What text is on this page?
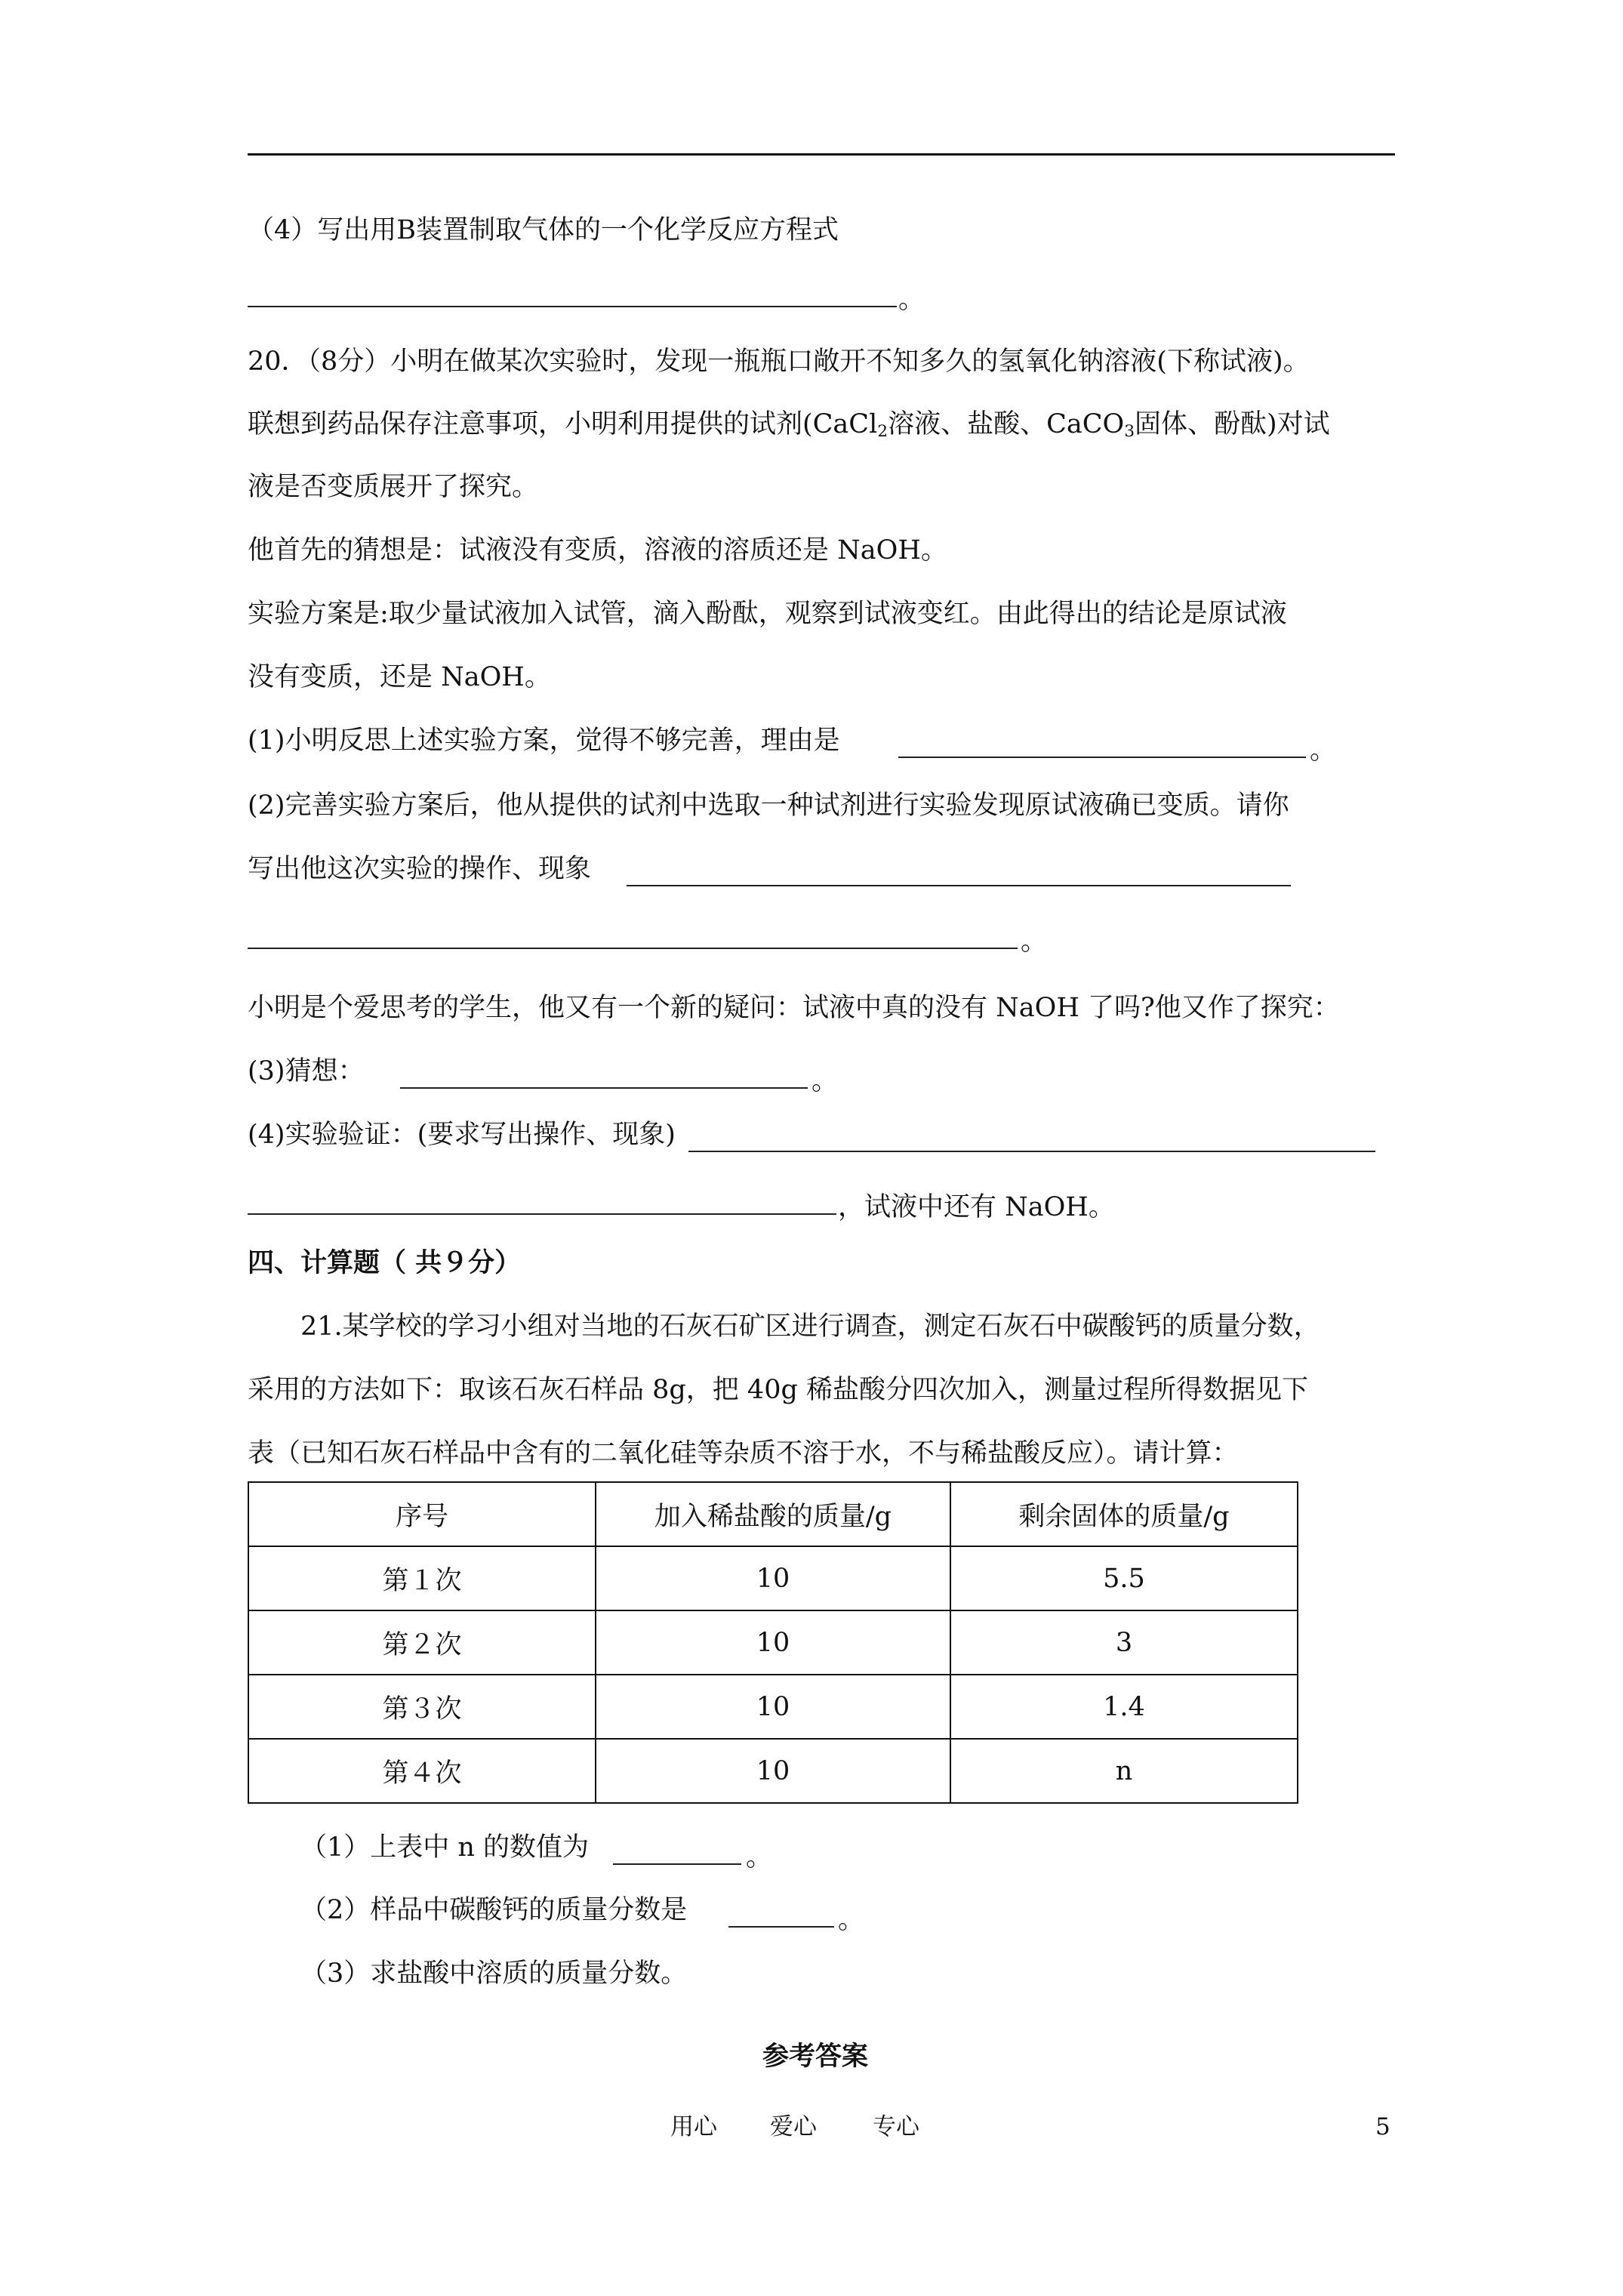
（4）写出用B装置制取气体的一个化学反应方程式
。
20．（8分）小明在做某次实验时，发现一瓶瓶口敞开不知多久的氢氧化钠溶液(下称试液)。
联想到药品保存注意事项，小明利用提供的试剂(CaCl$_2$溶液、盐酸、CaCO$_3$固体、酚酞)对试
液是否变质展开了探究。
他首先的猜想是：试液没有变质，溶液的溶质还是 NaOH。
实验方案是:取少量试液加入试管，滴入酚酞，观察到试液变红。由此得出的结论是原试液
没有变质，还是 NaOH。
(1)小明反思上述实验方案，觉得不够完善，理由是	。
(2)完善实验方案后，他从提供的试剂中选取一种试剂进行实验发现原试液确已变质。请你
写出他这次实验的操作、现象
。
小明是个爱思考的学生，他又有一个新的疑问：试液中真的没有 NaOH 了吗?他又作了探究：
(3)猜想：	。
(4)实验验证：(要求写出操作、现象)
，试液中还有 NaOH。
四、计算题（ 共９分）
21.某学校的学习小组对当地的石灰石矿区进行调查，测定石灰石中碳酸钙的质量分数，
采用的方法如下：取该石灰石样品 8g，把 40g 稀盐酸分四次加入，测量过程所得数据见下
表（已知石灰石样品中含有的二氧化硅等杂质不溶于水，不与稀盐酸反应）。请计算：
序号	加入稀盐酸的质量/g	剩余固体的质量/g
第１次	10	5.5
第２次	10	3
第３次	10	1.4
第４次	10	n
（1）上表中 n 的数值为	。
（2）样品中碳酸钙的质量分数是	。
（3）求盐酸中溶质的质量分数。
参考答案
用心 爱心 专心	5
